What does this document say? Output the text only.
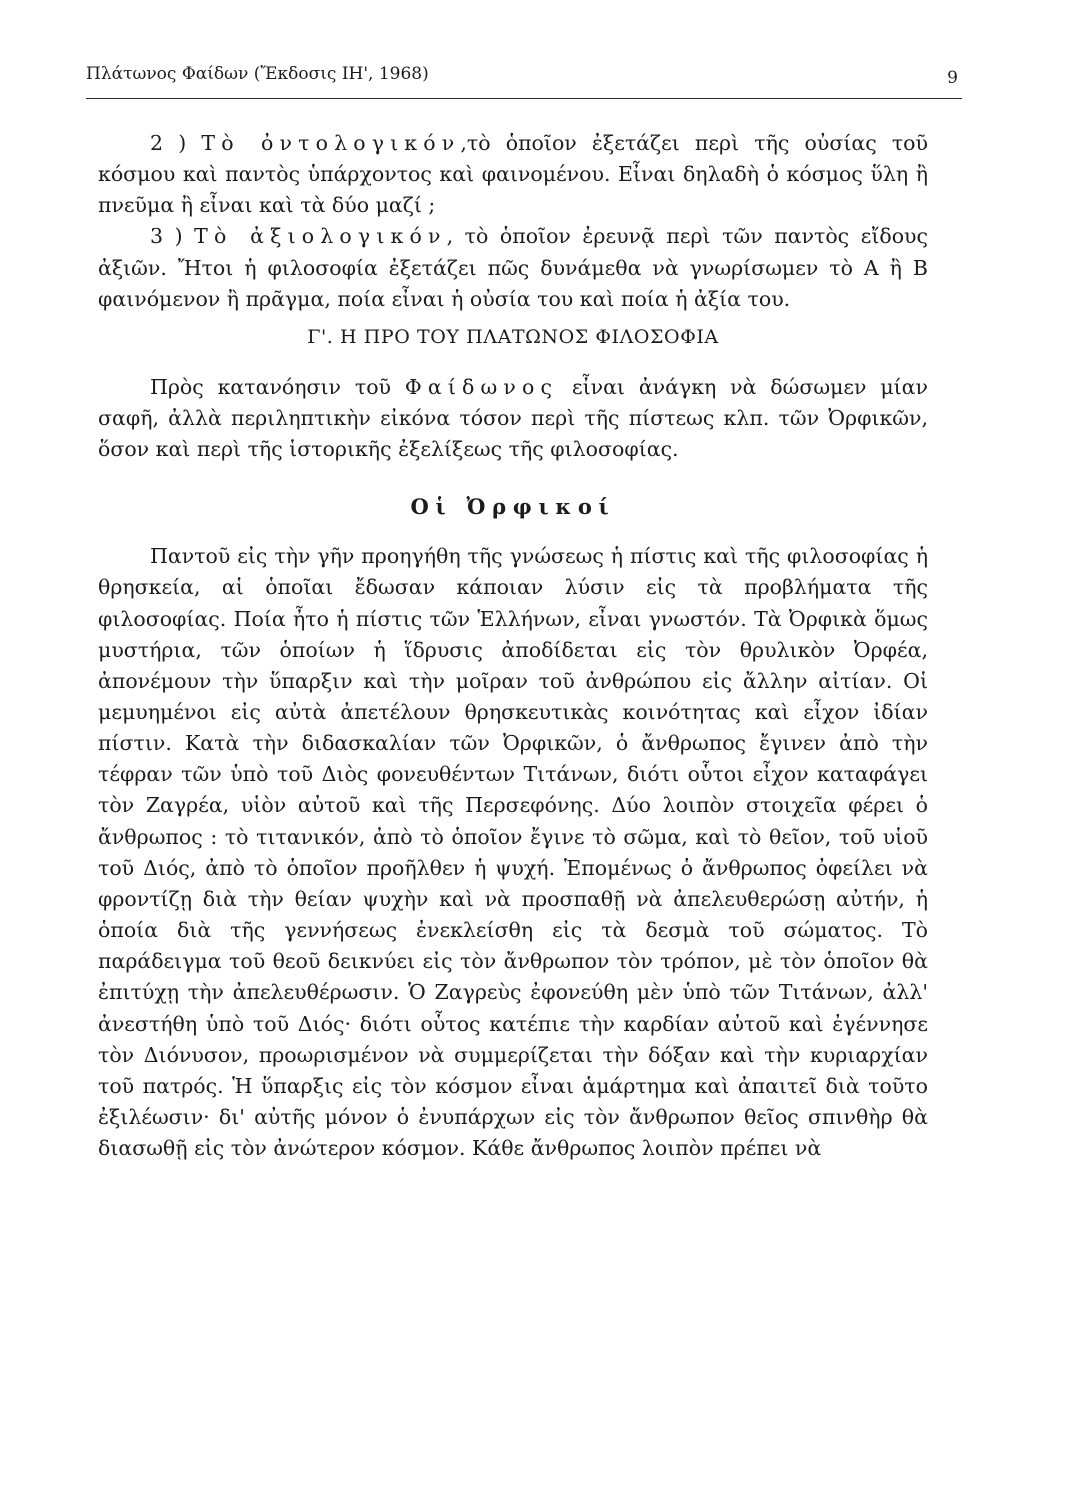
Πλάτωνος Φαίδων (Ἔκδοσις ΙΗ', 1968)	9

2 ) Τὸ ὀντολογικόν,τὸ ὁποῖον ἐξετάζει περὶ τῆς οὐσίας τοῦ κόσμου καὶ παντὸς ὑπάρχοντος καὶ φαινομένου. Εἶναι δηλαδὴ ὁ κόσμος ὕλη ἢ πνεῦμα ἢ εἶναι καὶ τὰ δύο μαζί ;

3 ) Τὸ ἀξιολογικόν, τὸ ὁποῖον ἐρευνᾷ περὶ τῶν παντὸς εἴδους ἀξιῶν. Ἤτοι ἡ φιλοσοφία ἐξετάζει πῶς δυνάμεθα νὰ γνωρίσωμεν τὸ Α ἢ Β φαινόμενον ἢ πρᾶγμα, ποία εἶναι ἡ οὐσία του καὶ ποία ἡ ἀξία του.

Γ'. Η ΠΡΟ ΤΟΥ ΠΛΑΤΩΝΟΣ ΦΙΛΟΣΟΦΙΑ

Πρὸς κατανόησιν τοῦ Φαίδωνος εἶναι ἀνάγκη νὰ δώσωμεν μίαν σαφῆ, ἀλλὰ περιληπτικὴν εἰκόνα τόσον περὶ τῆς πίστεως κλπ. τῶν Ὀρφικῶν, ὅσον καὶ περὶ τῆς ἱστορικῆς ἐξελίξεως τῆς φιλοσοφίας.

Οἱ Ὀρφικοί

Παντοῦ εἰς τὴν γῆν προηγήθη τῆς γνώσεως ἡ πίστις καὶ τῆς φιλοσοφίας ἡ θρησκεία, αἱ ὁποῖαι ἔδωσαν κάποιαν λύσιν εἰς τὰ προβλήματα τῆς φιλοσοφίας. Ποία ἦτο ἡ πίστις τῶν Ἑλλήνων, εἶναι γνωστόν. Τὰ Ὀρφικὰ ὅμως μυστήρια, τῶν ὁποίων ἡ ἵδρυσις ἀποδίδεται εἰς τὸν θρυλικὸν Ὀρφέα, ἀπονέμουν τὴν ὕπαρξιν καὶ τὴν μοῖραν τοῦ ἀνθρώπου εἰς ἄλλην αἰτίαν. Οἱ μεμυημένοι εἰς αὐτὰ ἀπετέλουν θρησκευτικὰς κοινότητας καὶ εἶχον ἰδίαν πίστιν. Κατὰ τὴν διδασκαλίαν τῶν Ὀρφικῶν, ὁ ἄνθρωπος ἔγινεν ἀπὸ τὴν τέφραν τῶν ὑπὸ τοῦ Διὸς φονευθέντων Τιτάνων, διότι οὗτοι εἶχον καταφάγει τὸν Ζαγρέα, υἱὸν αὐτοῦ καὶ τῆς Περσεφόνης. Δύο λοιπὸν στοιχεῖα φέρει ὁ ἄνθρωπος : τὸ τιτανικόν, ἀπὸ τὸ ὁποῖον ἔγινε τὸ σῶμα, καὶ τὸ θεῖον, τοῦ υἱοῦ τοῦ Διός, ἀπὸ τὸ ὁποῖον προῆλθεν ἡ ψυχή. Ἑπομένως ὁ ἄνθρωπος ὀφείλει νὰ φροντίζῃ διὰ τὴν θείαν ψυχὴν καὶ νὰ προσπαθῇ νὰ ἀπελευθερώσῃ αὐτήν, ἡ ὁποία διὰ τῆς γεννήσεως ἐνεκλείσθη εἰς τὰ δεσμὰ τοῦ σώματος. Τὸ παράδειγμα τοῦ θεοῦ δεικνύει εἰς τὸν ἄνθρωπον τὸν τρόπον, μὲ τὸν ὁποῖον θὰ ἐπιτύχῃ τὴν ἀπελευθέρωσιν. Ὁ Ζαγρεὺς ἐφονεύθη μὲν ὑπὸ τῶν Τιτάνων, ἀλλ' ἀνεστήθη ὑπὸ τοῦ Διός· διότι οὗτος κατέπιε τὴν καρδίαν αὐτοῦ καὶ ἐγέννησε τὸν Διόνυσον, προωρισμένον νὰ συμμερίζεται τὴν δόξαν καὶ τὴν κυριαρχίαν τοῦ πατρός. Ἡ ὕπαρξις εἰς τὸν κόσμον εἶναι ἁμάρτημα καὶ ἀπαιτεῖ διὰ τοῦτο ἐξιλέωσιν· δι' αὐτῆς μόνον ὁ ἐνυπάρχων εἰς τὸν ἄνθρωπον θεῖος σπινθὴρ θὰ διασωθῇ εἰς τὸν ἀνώτερον κόσμον. Κάθε ἄνθρωπος λοιπὸν πρέπει νὰ
